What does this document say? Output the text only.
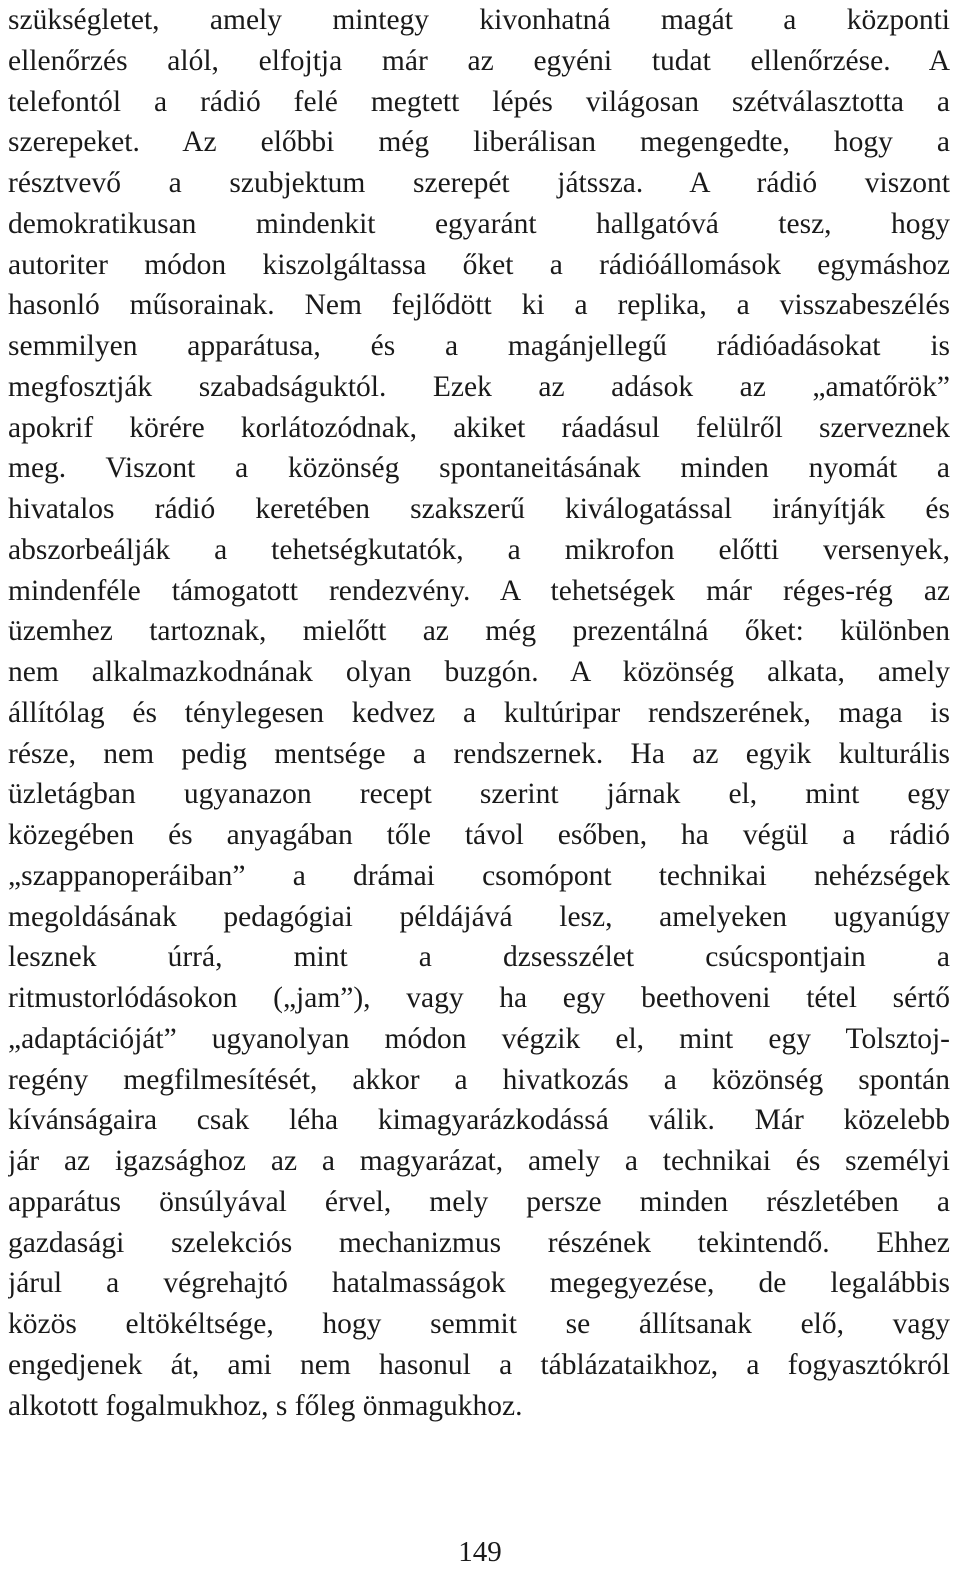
szükségletet, amely mintegy kivonhatná magát a központi
ellenőrzés alól, elfojtja már az egyéni tudat ellenőrzése. A
telefontól a rádió felé megtett lépés világosan szétválasztotta a
szerepeket. Az előbbi még liberálisan megengedte, hogy a
résztvevő a szubjektum szerepét játssza. A rádió viszont
demokratikusan mindenkit egyaránt hallgatóvá tesz, hogy
autoriter módon kiszolgáltassa őket a rádióállomások egymáshoz
hasonló műsorainak. Nem fejlődött ki a replika, a visszabeszélés
semmilyen apparátusa, és a magánjellegű rádióadásokat is
megfosztják szabadságuktól. Ezek az adások az „amatőrök”
apokrif körére korlátozódnak, akiket ráadásul felülről szerveznek
meg. Viszont a közönség spontaneitásának minden nyomát a
hivatalos rádió keretében szakszerű kiválogatással irányítják és
abszorbeálják a tehetségkutatók, a mikrofon előtti versenyek,
mindenféle támogatott rendezvény. A tehetségek már réges-rég az
üzemhez tartoznak, mielőtt az még prezentálná őket: különben
nem alkalmazkodnának olyan buzgón. A közönség alkata, amely
állítólag és ténylegesen kedvez a kultúripar rendszerének, maga is
része, nem pedig mentsége a rendszernek. Ha az egyik kulturális
üzletágban ugyanazon recept szerint járnak el, mint egy
közegében és anyagában tőle távol esőben, ha végül a rádió
„szappanoperáiban” a drámai csomópont technikai nehézségek
megoldásának pedagógiai példájává lesz, amelyeken ugyanúgy
lesznek úrrá, mint a dzsesszélet csúcspontjain a
ritmustorlódásokon („jam”), vagy ha egy beethoveni tétel sértő
„adaptációját” ugyanolyan módon végzik el, mint egy Tolsztoj-
regény megfilmesítését, akkor a hivatkozás a közönség spontán
kívánságaira csak léha kimagyarázkodássá válik. Már közelebb
jár az igazsághoz az a magyarázat, amely a technikai és személyi
apparátus önsúlyával érvel, mely persze minden részletében a
gazdasági szelekciós mechanizmus részének tekintendő. Ehhez
járul a végrehajtó hatalmasságok megegyezése, de legalábbis
közös eltökéltsége, hogy semmit se állítsanak elő, vagy
engedjenek át, ami nem hasonul a táblázataikhoz, a fogyasztókról
alkotott fogalmukhoz, s főleg önmagukhoz.
149
